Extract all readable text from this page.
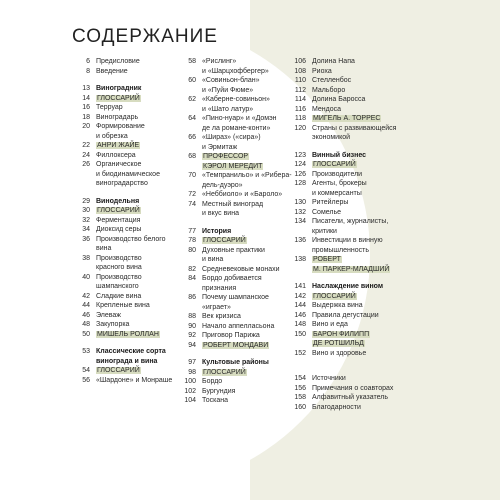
СОДЕРЖАНИЕ
6 Предисловие
8 Введение
13 Виноградник
14	ГЛОССАРИЙ
16 Терруар
18 Виноградарь
20 Формирование
и обрезка
22	АНРИ ЖАЙЕ
24 Филлоксера
26 Органическое
и биодинамическое
виноградарство
29 Винодельня
30	ГЛОССАРИЙ
32 Ферментация
34 Диоксид серы
36 Производство белого
вина
38 Производство
красного вина
40 Производство
шампанского
42 Сладкие вина
44 Крепленые вина
46 Элеваж
48 Закупорка
50	МИШЕЛЬ РОЛЛАН
53 Классические сорта
винограда и вина
54	ГЛОССАРИЙ
56 «Шардоне» и Монраше
58 «Рислинг»
и «Шарцхофбергер»
60 «Совиньон-блан»
и «Пуйи Фюме»
62 «Каберне-совиньон»
и «Шато латур»
64 «Пино-нуар» и «Домэн
де ла романе-конти»
66 «Шираз» («сира»)
и Эрмитаж
68	ПРОФЕССОР
КЭРОЛ МЕРЕДИТ
70 «Темпранильо» и «Рибера-
дель-дуэро»
72 «Неббиоло» и «Бароло»
74 Местный виноград
и вкус вина
77 История
78	ГЛОССАРИЙ
80 Духовные практики
и вина
82 Средневековые монахи
84 Бордо добивается
признания
86 Почему шампанское
«играет»
88 Век кризиса
90 Начало аппелласьона
92 Приговор Парижа
94	РОБЕРТ МОНДАВИ
97 Культовые районы
98	ГЛОССАРИЙ
100 Бордо
102 Бургундия
104 Тоскана
106 Долина Напа
108 Риоха
110 Стелленбос
112 Мальборо
114 Долина Баросса
116 Мендоса
118	МИГЕЛЬ А. ТОРРЕС
120 Страны с развивающейся
экономикой
123 Винный бизнес
124	ГЛОССАРИЙ
126 Производители
128 Агенты, брокеры
и коммерсанты
130 Ритейлеры
132 Сомелье
134 Писатели, журналисты,
критики
136 Инвестиции в винную
промышленность
138	РОБЕРТ
М. ПАРКЕР-МЛАДШИЙ
141 Наслаждение вином
142	ГЛОССАРИЙ
144 Выдержка вина
146 Правила дегустации
148 Вино и еда
150	БАРОН ФИЛИПП
ДЕ РОТШИЛЬД
152 Вино и здоровье
154 Источники
156 Примечания о соавторах
158 Алфавитный указатель
160 Благодарности
